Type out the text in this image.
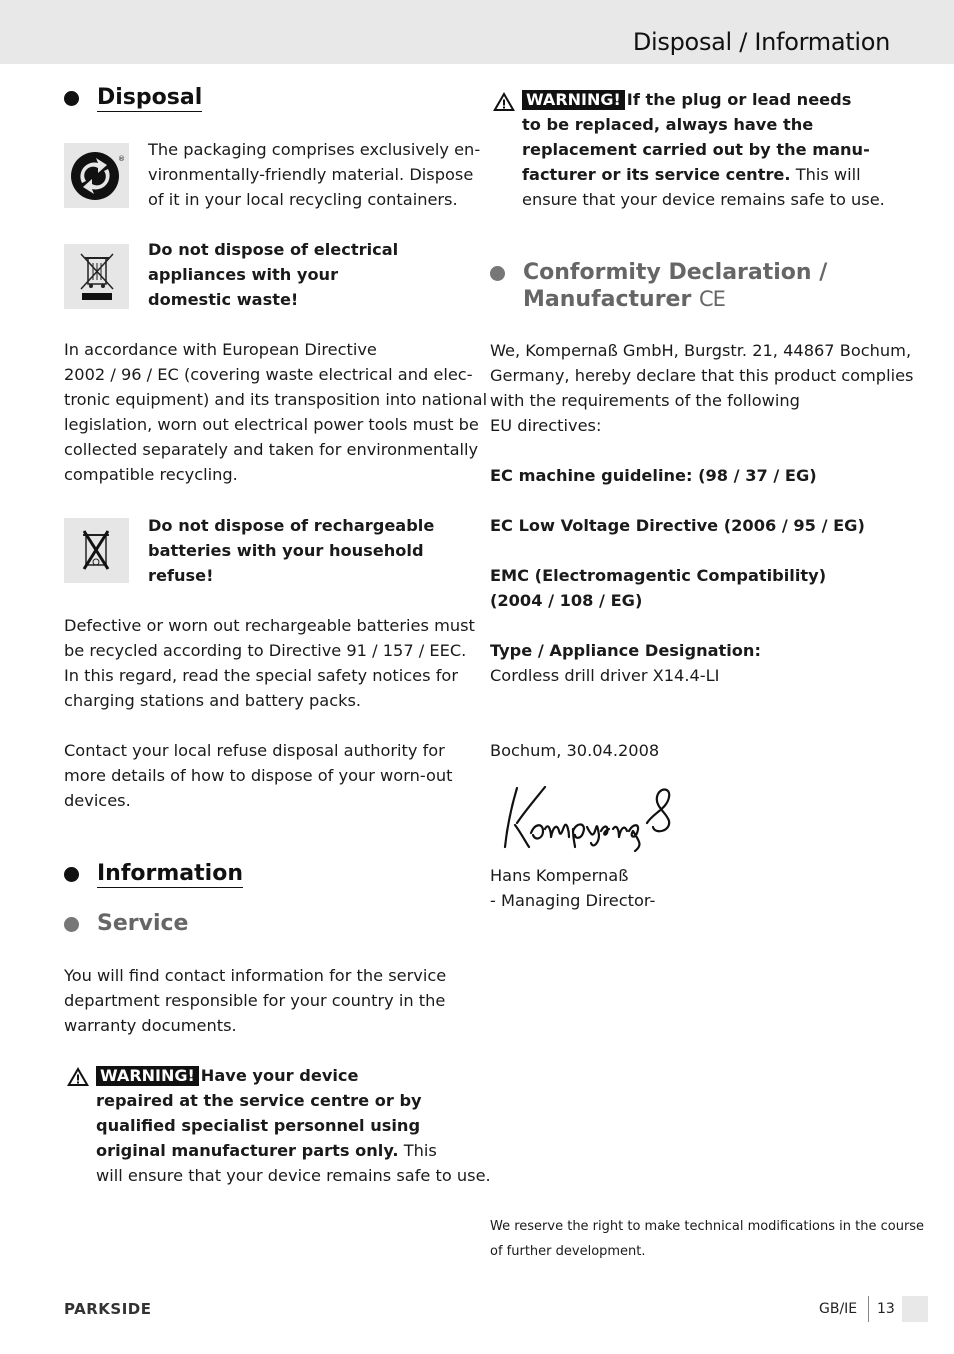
Disposal / Information
Disposal
® The packaging comprises exclusively en-
vironmentally-friendly material. Dispose
of it in your local recycling containers.

Do not dispose of electrical
appliances with your
domestic waste!

In accordance with European Directive
2002 / 96 / EC (covering waste electrical and elec-
tronic equipment) and its transposition into national
legislation, worn out electrical power tools must be
collected separately and taken for environmentally
compatible recycling.

Do not dispose of rechargeable
batteries with your household
refuse!

Defective or worn out rechargeable batteries must
be recycled according to Directive 91 / 157 / EEC.
In this regard, read the special safety notices for
charging stations and battery packs.

Contact your local refuse disposal authority for
more details of how to dispose of your worn-out
devices.

Information
Service

You will find contact information for the service
department responsible for your country in the
warranty documents.

WARNING! Have your device
repaired at the service centre or by
qualified specialist personnel using
original manufacturer parts only. This
will ensure that your device remains safe to use.

WARNING! If the plug or lead needs
to be replaced, always have the
replacement carried out by the manu-
facturer or its service centre. This will
ensure that your device remains safe to use.

Conformity Declaration /
Manufacturer CE

We, Kompernaß GmbH, Burgstr. 21, 44867 Bochum,
Germany, hereby declare that this product complies
with the requirements of the following
EU directives:

EC machine guideline: (98 / 37 / EG)

EC Low Voltage Directive (2006 / 95 / EG)

EMC (Electromagentic Compatibility)
(2004 / 108 / EG)

Type / Appliance Designation:
Cordless drill driver X14.4-LI

Bochum, 30.04.2008

Hans Kompernaß
- Managing Director-

We reserve the right to make technical modifications in the course
of further development.

PARKSIDE	GB/IE 13
